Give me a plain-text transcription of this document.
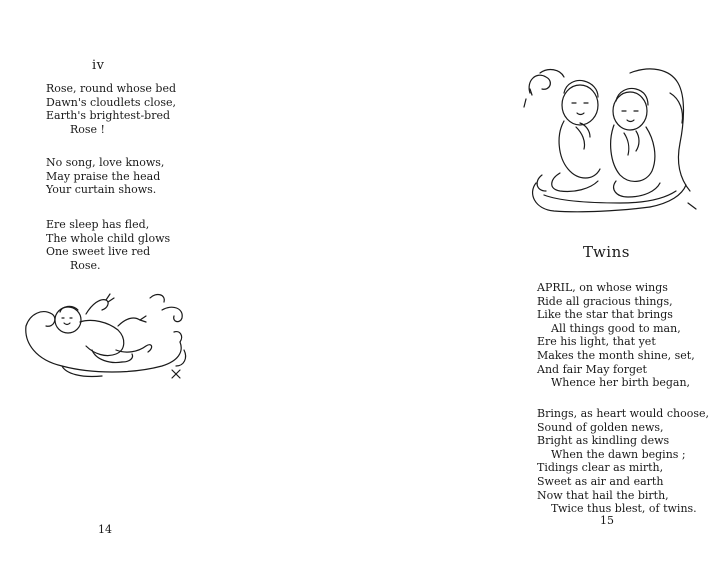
iv
Rose, round whose bed
Dawn's cloudlets close,
Earth's brightest-bred
Rose !
No song, love knows,
May praise the head
Your curtain shows.
Ere sleep has fled,
The whole child glows
One sweet live red
Rose.
14
Twins
APRIL, on whose wings
Ride all gracious things,
Like the star that brings
All things good to man,
Ere his light, that yet
Makes the month shine, set,
And fair May forget
Whence her birth began,
Brings, as heart would choose,
Sound of golden news,
Bright as kindling dews
When the dawn begins ;
Tidings clear as mirth,
Sweet as air and earth
Now that hail the birth,
Twice thus blest, of twins.
15
